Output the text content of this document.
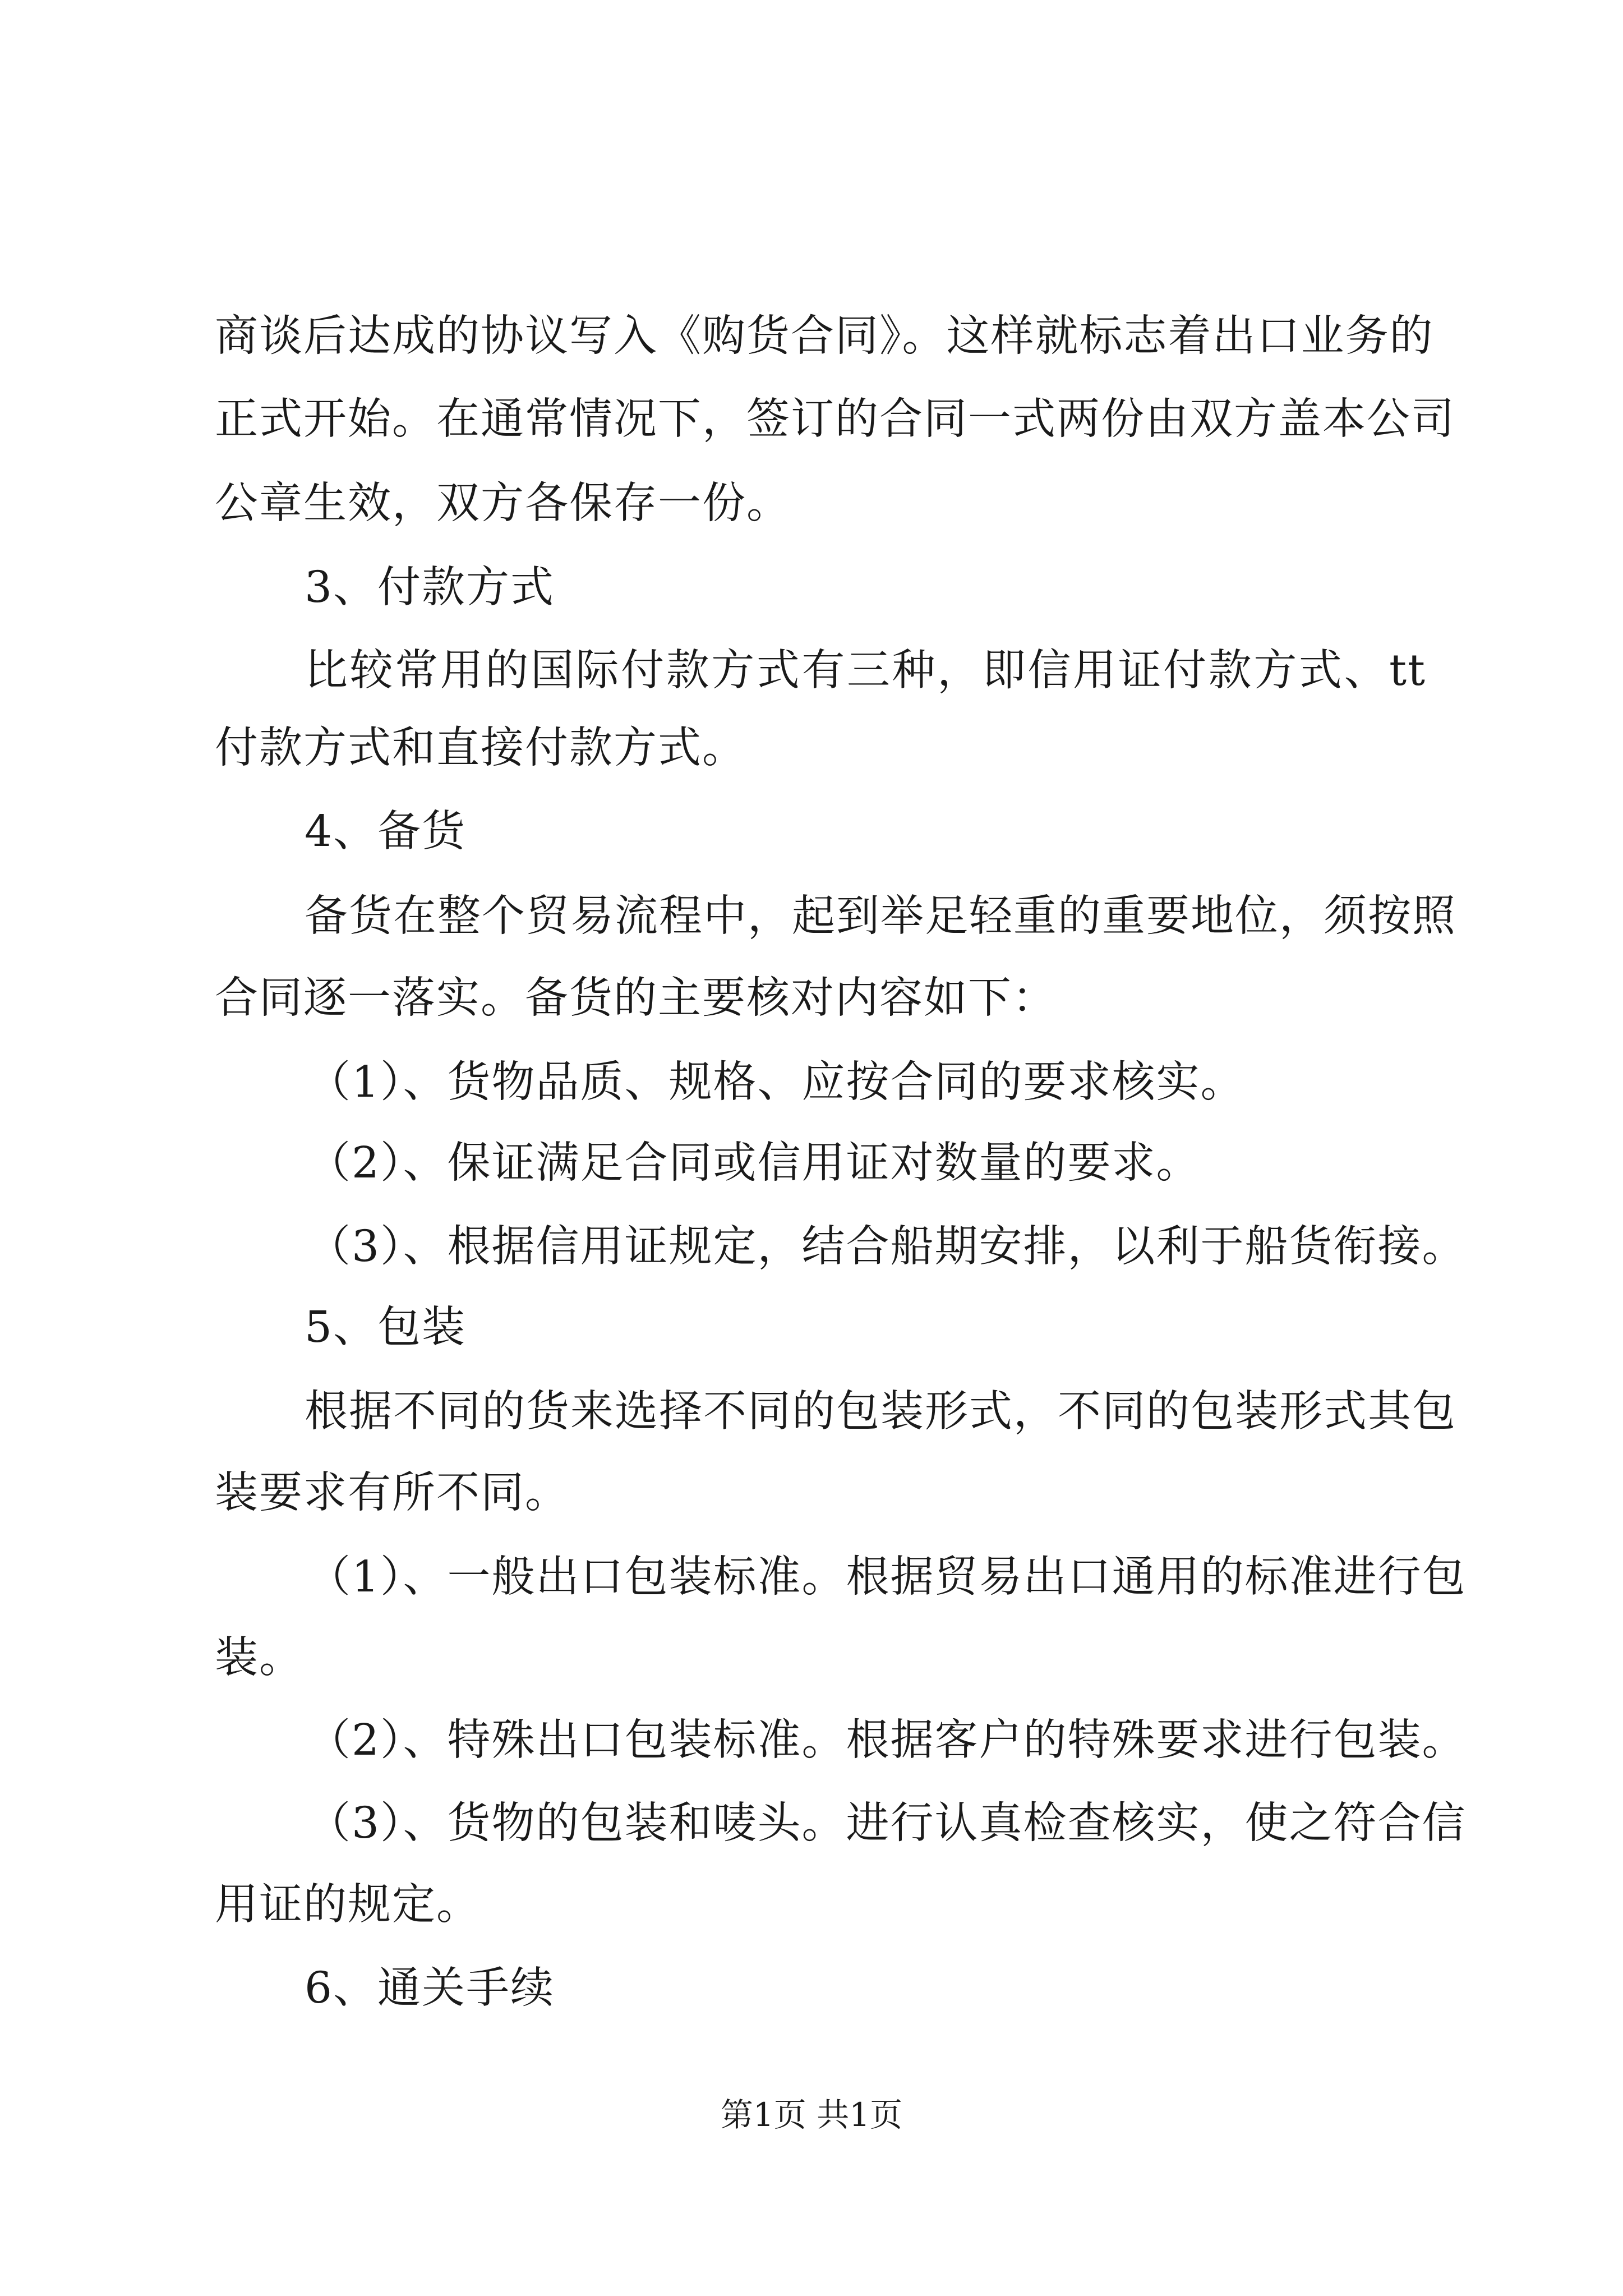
商谈后达成的协议写入《购货合同》。这样就标志着出口业务的
正式开始。在通常情况下，签订的合同一式两份由双方盖本公司
公章生效，双方各保存一份。
3、付款方式
比较常用的国际付款方式有三种，即信用证付款方式、tt
付款方式和直接付款方式。
4、备货
备货在整个贸易流程中，起到举足轻重的重要地位，须按照
合同逐一落实。备货的主要核对内容如下：
（1）、货物品质、规格、应按合同的要求核实。
（2）、保证满足合同或信用证对数量的要求。
（3）、根据信用证规定，结合船期安排，以利于船货衔接。
5、包装
根据不同的货来选择不同的包装形式，不同的包装形式其包
装要求有所不同。
（1）、一般出口包装标准。根据贸易出口通用的标准进行包
装。
（2）、特殊出口包装标准。根据客户的特殊要求进行包装。
（3）、货物的包装和唛头。进行认真检查核实，使之符合信
用证的规定。
6、通关手续
第1页 共1页
